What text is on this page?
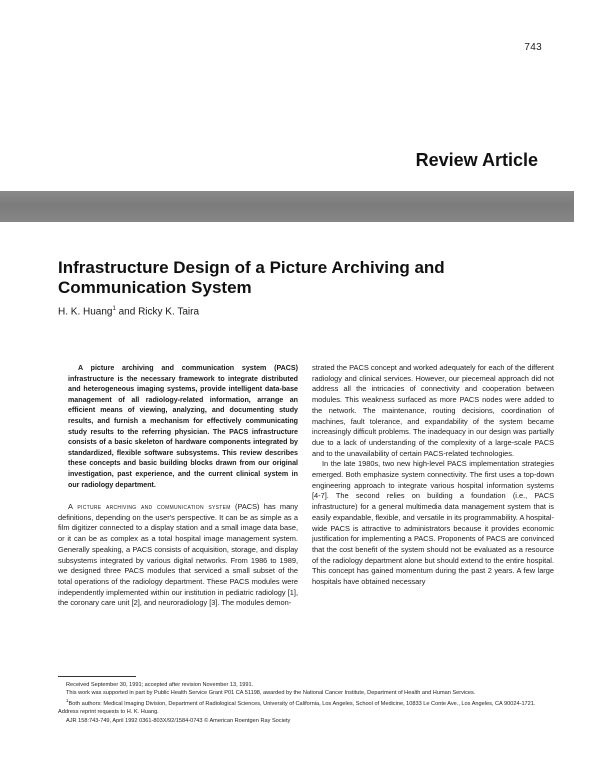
743
Review Article
Infrastructure Design of a Picture Archiving and Communication System
H. K. Huang$^1$ and Ricky K. Taira

A picture archiving and communication system (PACS) infrastructure is the necessary framework to integrate distributed and heterogeneous imaging systems, provide intelligent data-base management of all radiology-related information, arrange an efficient means of viewing, analyzing, and documenting study results, and furnish a mechanism for effectively communicating study results to the referring physician. The PACS infrastructure consists of a basic skeleton of hardware components integrated by standardized, flexible software subsystems. This review describes these concepts and basic building blocks drawn from our original investigation, past experience, and the current clinical system in our radiology department.

A picture archiving and communication system (PACS) has many definitions, depending on the user's perspective. It can be as simple as a film digitizer connected to a display station and a small image data base, or it can be as complex as a total hospital image management system. Generally speaking, a PACS consists of acquisition, storage, and display subsystems integrated by various digital networks. From 1986 to 1989, we designed three PACS modules that serviced a small subset of the total operations of the radiology department. These PACS modules were independently implemented within our institution in pediatric radiology [1], the coronary care unit [2], and neuroradiology [3]. The modules demon-

strated the PACS concept and worked adequately for each of the different radiology and clinical services. However, our piecemeal approach did not address all the intricacies of connectivity and cooperation between modules. This weakness surfaced as more PACS nodes were added to the network. The maintenance, routing decisions, coordination of machines, fault tolerance, and expandability of the system became increasingly difficult problems. The inadequacy in our design was partially due to a lack of understanding of the complexity of a large-scale PACS and to the unavailability of certain PACS-related technologies.

In the late 1980s, two new high-level PACS implementation strategies emerged. Both emphasize system connectivity. The first uses a top-down engineering approach to integrate various hospital information systems [4-7]. The second relies on building a foundation (i.e., PACS infrastructure) for a general multimedia data management system that is easily expandable, flexible, and versatile in its programmability. A hospital-wide PACS is attractive to administrators because it provides economic justification for implementing a PACS. Proponents of PACS are convinced that the cost benefit of the system should not be evaluated as a resource of the radiology department alone but should extend to the entire hospital. This concept has gained momentum during the past 2 years. A few large hospitals have obtained necessary

Received September 30, 1991; accepted after revision November 13, 1991.

This work was supported in part by Public Health Service Grant P01 CA 51198, awarded by the National Cancer Institute, Department of Health and Human Services.

$^1$Both authors: Medical Imaging Division, Department of Radiological Sciences, University of California, Los Angeles, School of Medicine, 10833 Le Conte Ave., Los Angeles, CA 90024-1721. Address reprint requests to H. K. Huang.

AJR 158:743-749, April 1992 0361-803X/92/1584-0743 © American Roentgen Ray Society
